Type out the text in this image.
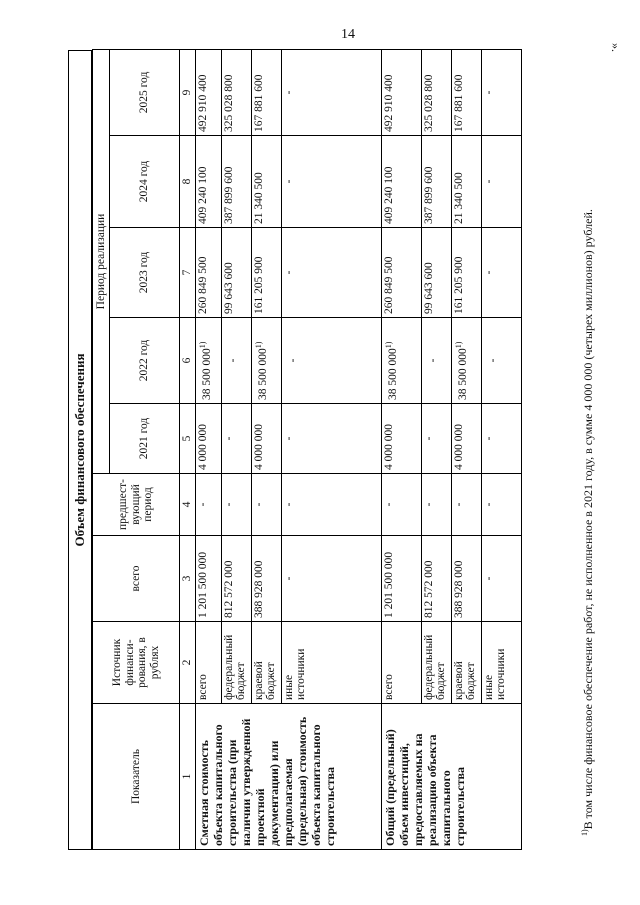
14
».
Объем финансового обеспечения
Показатель	Источник финанси-рования, в рублях	всего	предшест-вующий период	Период реализации				
				2021 год	2022 год	2023 год	2024 год	2025 год
1	2	3	4	5	6	7	8	9
Сметная стоимость объекта капитального строительства (при наличии утвержденной проектной документации) или предполагаемая (предельная) стоимость объекта капитального строительства	всего	1 201 500 000	-	4 000 000	38 500 000$^{1)}$	260 849 500	409 240 100	492 910 400
	федеральный бюджет	812 572 000	-	-	-	99 643 600	387 899 600	325 028 800
	краевой бюджет	388 928 000	-	4 000 000	38 500 000$^{1)}$	161 205 900	21 340 500	167 881 600
	иные источники	-	-	-	-	-	-	-
Общий (предельный) объем инвестиций, предоставляемых на реализацию объекта капитального строительства	всего	1 201 500 000	-	4 000 000	38 500 000$^{1)}$	260 849 500	409 240 100	492 910 400
	федеральный бюджет	812 572 000	-	-	-	99 643 600	387 899 600	325 028 800
	краевой бюджет	388 928 000	-	4 000 000	38 500 000$^{1)}$	161 205 900	21 340 500	167 881 600
	иные источники	-	-	-	-	-	-	-
$^{1)}$В том числе финансовое обеспечение работ, не исполненное в 2021 году, в сумме 4 000 000 (четырех миллионов) рублей.
